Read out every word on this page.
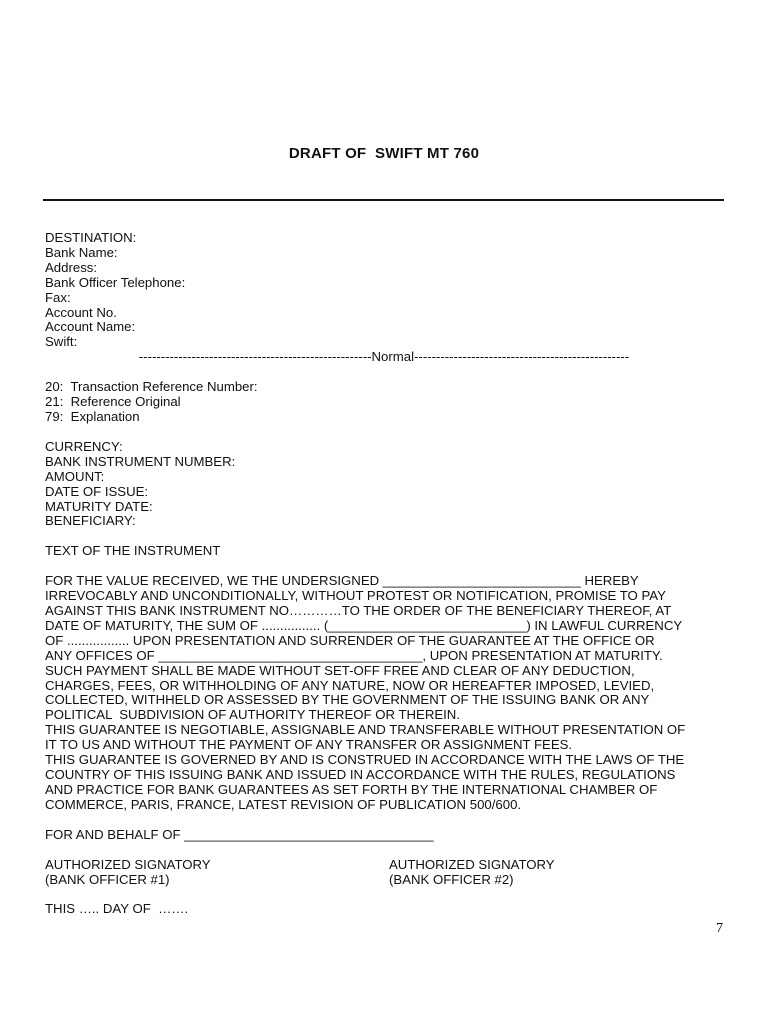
DRAFT OF  SWIFT MT 760
DESTINATION:
Bank Name:
Address:
Bank Officer Telephone:
Fax:
Account No.
Account Name:
Swift:
-----------------------------------------------------Normal-------------------------------------------------
20:  Transaction Reference Number:
21:  Reference Original
79:  Explanation
CURRENCY:
BANK INSTRUMENT NUMBER:
AMOUNT:
DATE OF ISSUE:
MATURITY DATE:
BENEFICIARY:
TEXT OF THE INSTRUMENT
FOR THE VALUE RECEIVED, WE THE UNDERSIGNED ___________________________ HEREBY
IRREVOCABLY AND UNCONDITIONALLY, WITHOUT PROTEST OR NOTIFICATION, PROMISE TO PAY
AGAINST THIS BANK INSTRUMENT NO…………TO THE ORDER OF THE BENEFICIARY THEREOF, AT
DATE OF MATURITY, THE SUM OF ................ (___________________________) IN LAWFUL CURRENCY
OF ................. UPON PRESENTATION AND SURRENDER OF THE GUARANTEE AT THE OFFICE OR
ANY OFFICES OF ____________________________________, UPON PRESENTATION AT MATURITY.
SUCH PAYMENT SHALL BE MADE WITHOUT SET-OFF FREE AND CLEAR OF ANY DEDUCTION,
CHARGES, FEES, OR WITHHOLDING OF ANY NATURE, NOW OR HEREAFTER IMPOSED, LEVIED,
COLLECTED, WITHHELD OR ASSESSED BY THE GOVERNMENT OF THE ISSUING BANK OR ANY
POLITICAL  SUBDIVISION OF AUTHORITY THEREOF OR THEREIN.
THIS GUARANTEE IS NEGOTIABLE, ASSIGNABLE AND TRANSFERABLE WITHOUT PRESENTATION OF
IT TO US AND WITHOUT THE PAYMENT OF ANY TRANSFER OR ASSIGNMENT FEES.
THIS GUARANTEE IS GOVERNED BY AND IS CONSTRUED IN ACCORDANCE WITH THE LAWS OF THE
COUNTRY OF THIS ISSUING BANK AND ISSUED IN ACCORDANCE WITH THE RULES, REGULATIONS
AND PRACTICE FOR BANK GUARANTEES AS SET FORTH BY THE INTERNATIONAL CHAMBER OF
COMMERCE, PARIS, FRANCE, LATEST REVISION OF PUBLICATION 500/600.
FOR AND BEHALF OF __________________________________
AUTHORIZED SIGNATORY
(BANK OFFICER #1)
AUTHORIZED SIGNATORY
(BANK OFFICER #2)
THIS ….. DAY OF  …….
7
